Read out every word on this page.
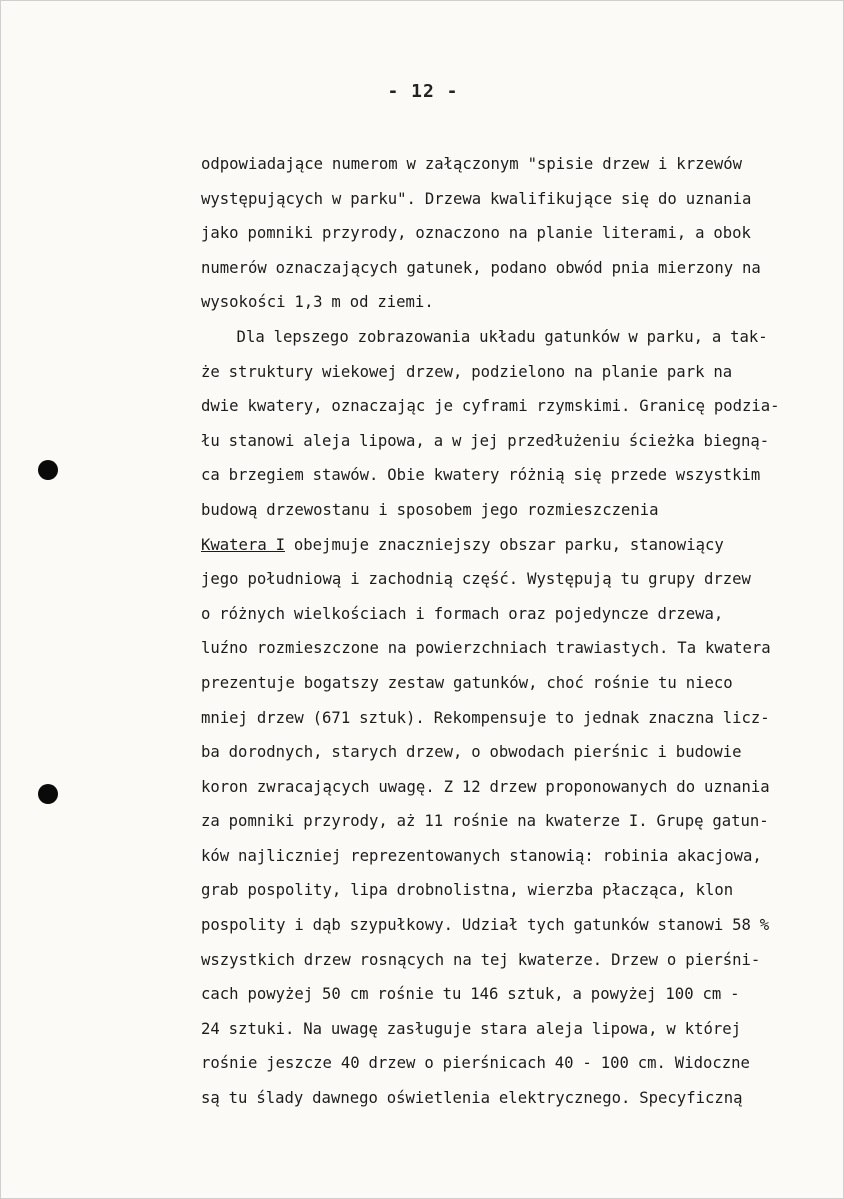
- 12 -
odpowiadające numerom w załączonym "spisie drzew i krzewów
występujących w parku". Drzewa kwalifikujące się do uznania
jako pomniki przyrody, oznaczono na planie literami, a obok
numerów oznaczających gatunek, podano obwód pnia mierzony na
wysokości 1,3 m od ziemi.
Dla lepszego zobrazowania układu gatunków w parku, a tak-
że struktury wiekowej drzew, podzielono na planie park na
dwie kwatery, oznaczając je cyframi rzymskimi. Granicę podzia-
łu stanowi aleja lipowa, a w jej przedłużeniu ścieżka biegną-
ca brzegiem stawów. Obie kwatery różnią się przede wszystkim
budową drzewostanu i sposobem jego rozmieszczenia
Kwatera I obejmuje znaczniejszy obszar parku, stanowiący
jego południową i zachodnią część. Występują tu grupy drzew
o różnych wielkościach i formach oraz pojedyncze drzewa,
luźno rozmieszczone na powierzchniach trawiastych. Ta kwatera
prezentuje bogatszy zestaw gatunków, choć rośnie tu nieco
mniej drzew (671 sztuk). Rekompensuje to jednak znaczna licz-
ba dorodnych, starych drzew, o obwodach pierśnic i budowie
koron zwracających uwagę. Z 12 drzew proponowanych do uznania
za pomniki przyrody, aż 11 rośnie na kwaterze I. Grupę gatun-
ków najliczniej reprezentowanych stanowią: robinia akacjowa,
grab pospolity, lipa drobnolistna, wierzba płacząca, klon
pospolity i dąb szypułkowy. Udział tych gatunków stanowi 58 %
wszystkich drzew rosnących na tej kwaterze. Drzew o pierśni-
cach powyżej 50 cm rośnie tu 146 sztuk, a powyżej 100 cm -
24 sztuki. Na uwagę zasługuje stara aleja lipowa, w której
rośnie jeszcze 40 drzew o pierśnicach 40 - 100 cm. Widoczne
są tu ślady dawnego oświetlenia elektrycznego. Specyficzną
